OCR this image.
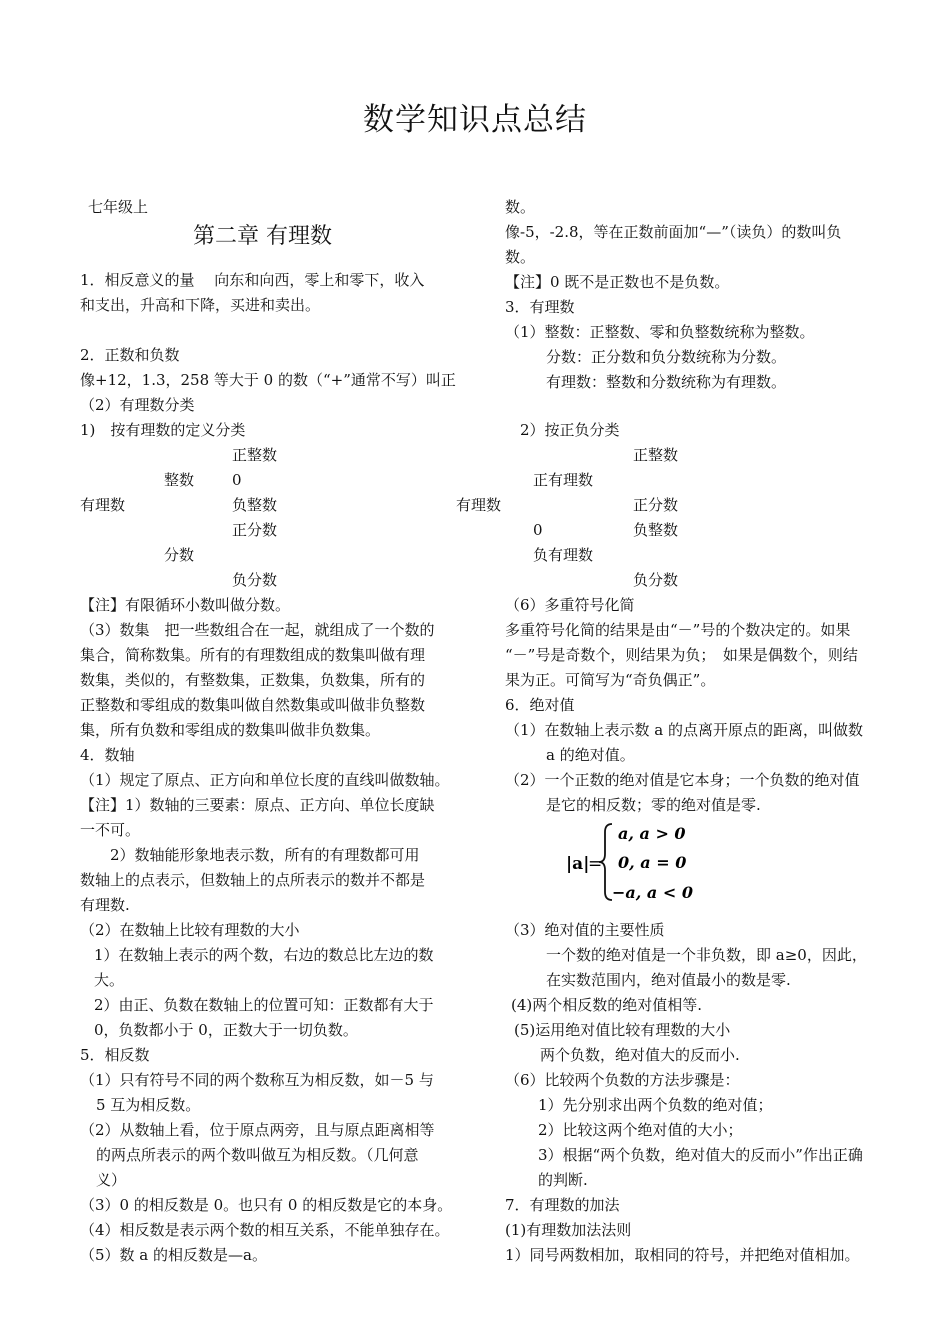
数学知识点总结
七年级上
第二章 有理数
1．相反意义的量　 向东和向西，零上和零下，收入
和支出，升高和下降，买进和卖出。
2．正数和负数
像+12，1.3，258 等大于 0 的数（“+”通常不写）叫正
（2）有理数分类
1)　按有理数的定义分类
正整数
整数	0
有理数	负整数
正分数
分数
负分数
【注】有限循环小数叫做分数。
（3）数集　把一些数组合在一起，就组成了一个数的
集合，简称数集。所有的有理数组成的数集叫做有理
数集，类似的，有整数集，正数集，负数集，所有的
正整数和零组成的数集叫做自然数集或叫做非负整数
集，所有负数和零组成的数集叫做非负数集。
4．数轴
（1）规定了原点、正方向和单位长度的直线叫做数轴。
【注】1）数轴的三要素：原点、正方向、单位长度缺
一不可。
　　2）数轴能形象地表示数，所有的有理数都可用
数轴上的点表示，但数轴上的点所表示的数并不都是
有理数.
（2）在数轴上比较有理数的大小
1）在数轴上表示的两个数，右边的数总比左边的数
大。
2）由正、负数在数轴上的位置可知：正数都有大于
0，负数都小于 0，正数大于一切负数。
5．相反数
（1）只有符号不同的两个数称互为相反数，如－5 与
5 互为相反数。
（2）从数轴上看，位于原点两旁，且与原点距离相等
的两点所表示的两个数叫做互为相反数。（几何意
义）
（3）0 的相反数是 0。也只有 0 的相反数是它的本身。
（4）相反数是表示两个数的相互关系，不能单独存在。
（5）数 a 的相反数是—a。
数。
像-5，-2.8，等在正数前面加“—”（读负）的数叫负
数。
【注】0 既不是正数也不是负数。
3．有理数
（1）整数：正整数、零和负整数统称为整数。
分数：正分数和负分数统称为分数。
有理数：整数和分数统称为有理数。
2）按正负分类
正整数
正有理数
有理数	正分数
0	负整数
负有理数
负分数
（6）多重符号化简
多重符号化简的结果是由“－”号的个数决定的。如果
“－”号是奇数个，则结果为负；　如果是偶数个，则结
果为正。可简写为“奇负偶正”。
6．绝对值
（1）在数轴上表示数 a 的点离开原点的距离，叫做数
a 的绝对值。
（2）一个正数的绝对值是它本身；一个负数的绝对值
是它的相反数；零的绝对值是零.
|a|
=
a, a > 0
0, a = 0
−a, a < 0
（3）绝对值的主要性质
一个数的绝对值是一个非负数，即 a≥0，因此，
在实数范围内，绝对值最小的数是零.
(4)两个相反数的绝对值相等.
(5)运用绝对值比较有理数的大小
两个负数，绝对值大的反而小.
（6）比较两个负数的方法步骤是：
1）先分别求出两个负数的绝对值；
2）比较这两个绝对值的大小；
3）根据“两个负数，绝对值大的反而小”作出正确
的判断.
7．有理数的加法
(1)有理数加法法则
1）同号两数相加，取相同的符号，并把绝对值相加。
